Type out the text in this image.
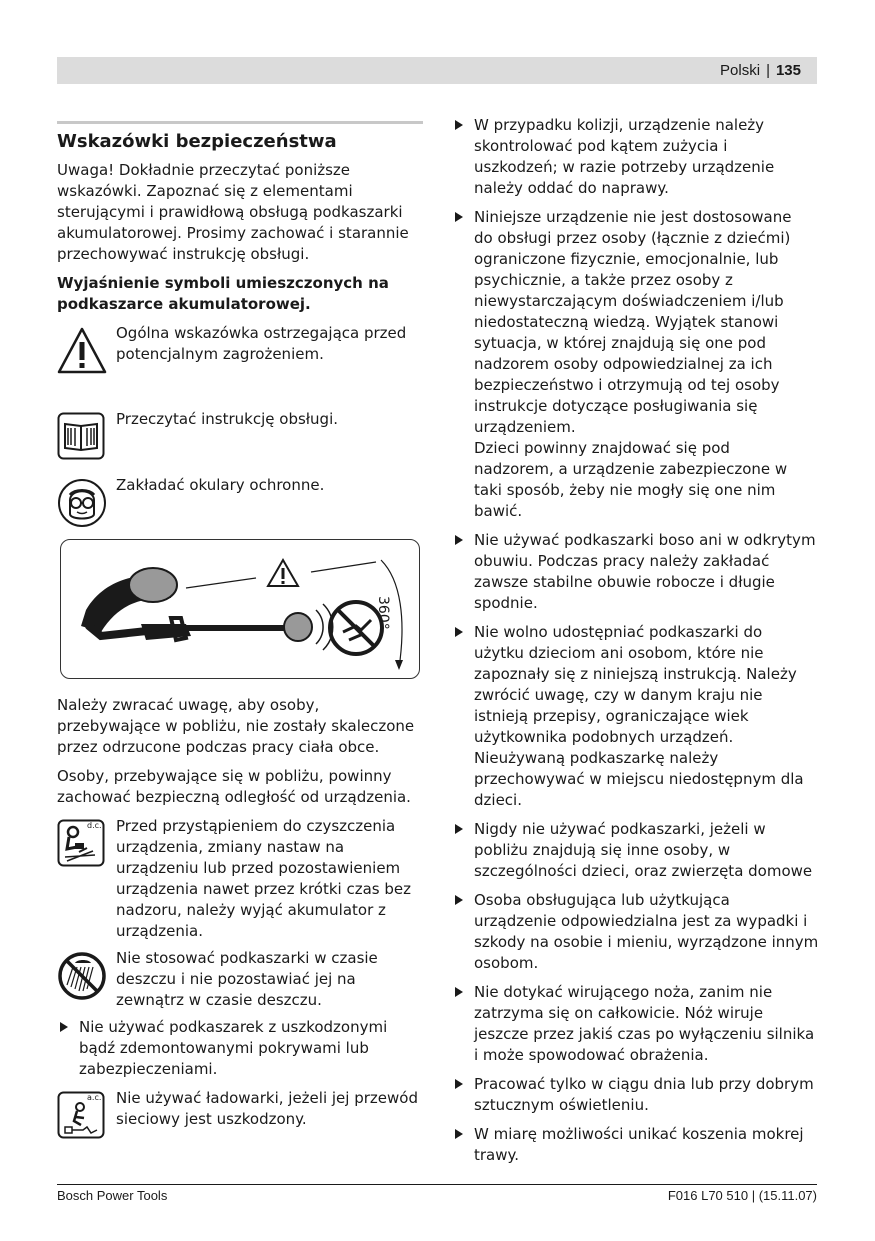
Polski | 135
Wskazówki bezpieczeństwa

Uwaga! Dokładnie przeczytać poniższe wskazówki. Zapoznać się z elementami sterującymi i prawidłową obsługą podkaszarki akumulatorowej. Prosimy zachować i starannie przechowywać instrukcję obsługi.

Wyjaśnienie symboli umieszczonych na podkaszarce akumulatorowej.

Ogólna wskazówka ostrzegająca przed potencjalnym zagrożeniem.
Przeczytać instrukcję obsługi.
Zakładać okulary ochronne.
360°

Należy zwracać uwagę, aby osoby, przebywające w pobliżu, nie zostały skaleczone przez odrzucone podczas pracy ciała obce.

Osoby, przebywające się w pobliżu, powinny zachować bezpieczną odległość od urządzenia.

d.c. Przed przystąpieniem do czyszczenia urządzenia, zmiany nastaw na urządzeniu lub przed pozostawieniem urządzenia nawet przez krótki czas bez nadzoru, należy wyjąć akumulator z urządzenia.
Nie stosować podkaszarki w czasie deszczu i nie pozostawiać jej na zewnątrz w czasie deszczu.
Nie używać podkaszarek z uszkodzonymi bądź zdemontowanymi pokrywami lub zabezpieczeniami.
a.c. Nie używać ładowarki, jeżeli jej przewód sieciowy jest uszkodzony.
W przypadku kolizji, urządzenie należy
skontrolować pod kątem zużycia i
uszkodzeń; w razie potrzeby urządzenie
należy oddać do naprawy.
Niniejsze urządzenie nie jest dostosowane
do obsługi przez osoby (łącznie z dziećmi)
ograniczone fizycznie, emocjonalnie, lub
psychicznie, a także przez osoby z
niewystarczającym doświadczeniem i/lub
niedostateczną wiedzą. Wyjątek stanowi
sytuacja, w której znajdują się one pod
nadzorem osoby odpowiedzialnej za ich
bezpieczeństwo i otrzymują od tej osoby
instrukcje dotyczące posługiwania się
urządzeniem.
Dzieci powinny znajdować się pod
nadzorem, a urządzenie zabezpieczone w
taki sposób, żeby nie mogły się one nim
bawić.
Nie używać podkaszarki boso ani w odkrytym
obuwiu. Podczas pracy należy zakładać
zawsze stabilne obuwie robocze i długie
spodnie.
Nie wolno udostępniać podkaszarki do
użytku dzieciom ani osobom, które nie
zapoznały się z niniejszą instrukcją. Należy
zwrócić uwagę, czy w danym kraju nie
istnieją przepisy, ograniczające wiek
użytkownika podobnych urządzeń.
Nieużywaną podkaszarkę należy
przechowywać w miejscu niedostępnym dla
dzieci.
Nigdy nie używać podkaszarki, jeżeli w
pobliżu znajdują się inne osoby, w
szczególności dzieci, oraz zwierzęta domowe
Osoba obsługująca lub użytkująca
urządzenie odpowiedzialna jest za wypadki i
szkody na osobie i mieniu, wyrządzone innym
osobom.
Nie dotykać wirującego noża, zanim nie
zatrzyma się on całkowicie. Nóż wiruje
jeszcze przez jakiś czas po wyłączeniu silnika
i może spowodować obrażenia.
Pracować tylko w ciągu dnia lub przy dobrym
sztucznym oświetleniu.
W miarę możliwości unikać koszenia mokrej
trawy.
Bosch Power Tools	F016 L70 510 | (15.11.07)
